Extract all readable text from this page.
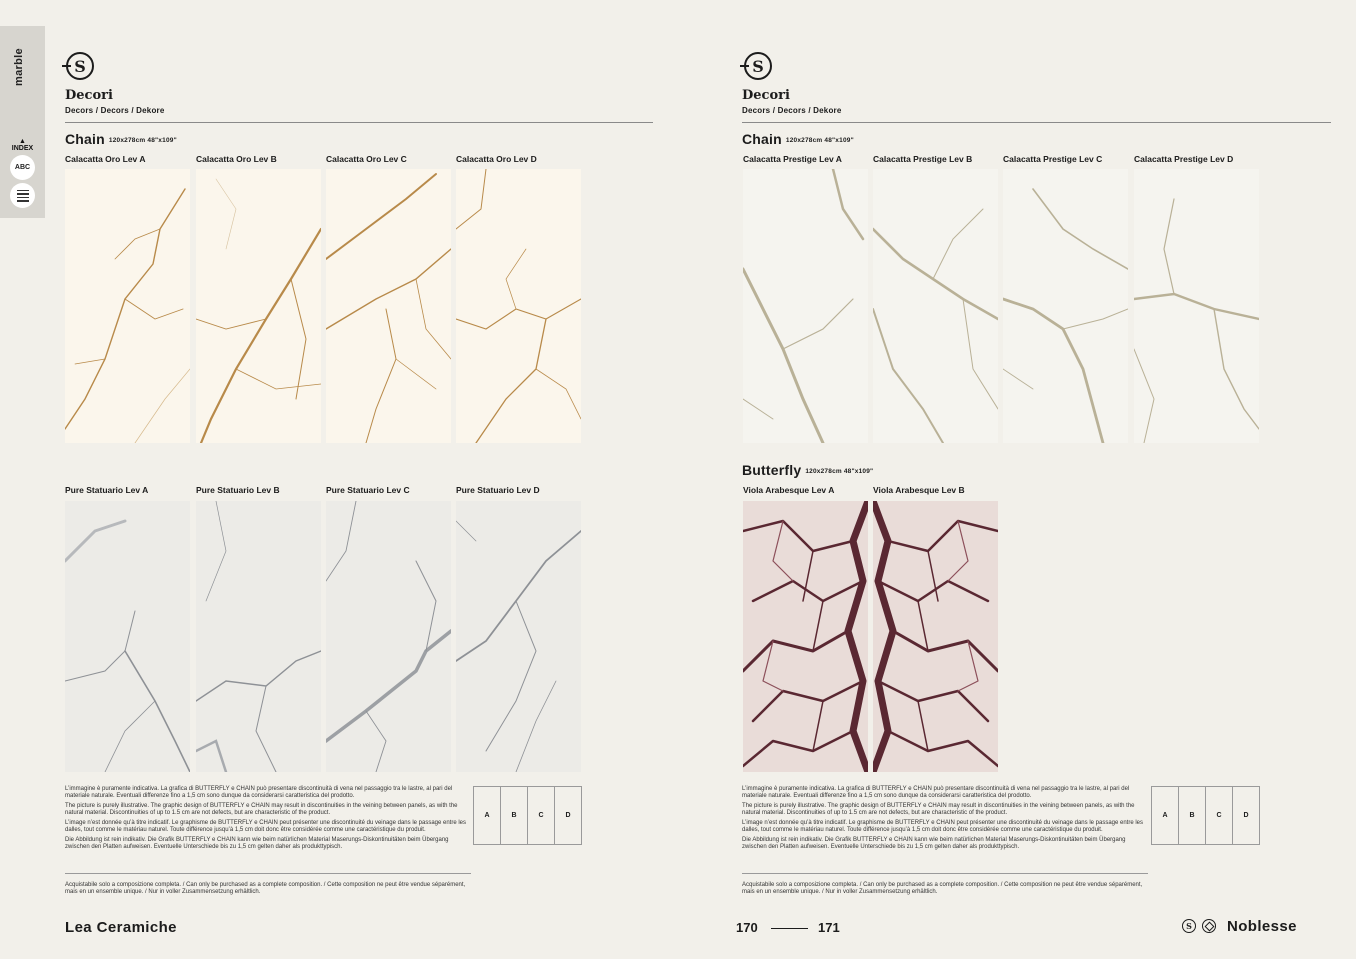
marble
▲
INDEX
ABC
S
Decori
Decors / Decors / Dekore
Chain 120x278cm 48"x109"
Calacatta Oro Lev A	Calacatta Oro Lev B	Calacatta Oro Lev C	Calacatta Oro Lev D
Pure Statuario Lev A	Pure Statuario Lev B	Pure Statuario Lev C	Pure Statuario Lev D

L’immagine è puramente indicativa. La grafica di BUTTERFLY e CHAIN può presentare discontinuità di vena nel passaggio tra le lastre, al pari del materiale naturale. Eventuali differenze fino a 1,5 cm sono dunque da considerarsi caratteristica del prodotto.

The picture is purely illustrative. The graphic design of BUTTERFLY e CHAIN may result in discontinuities in the veining between panels, as with the natural material. Discontinuities of up to 1.5 cm are not defects, but are characteristic of the product.

L’image n’est donnée qu’à titre indicatif. Le graphisme de BUTTERFLY e CHAIN peut présenter une discontinuité du veinage dans le passage entre les dalles, tout comme le matériau naturel. Toute différence jusqu’à 1,5 cm doit donc être considérée comme une caractéristique du produit.

Die Abbildung ist rein indikativ. Die Grafik BUTTERFLY e CHAIN kann wie beim natürlichen Material Maserungs-Diskontinuitäten beim Übergang zwischen den Platten aufweisen. Eventuelle Unterschiede bis zu 1,5 cm gelten daher als produkttypisch.

Acquistabile solo a composizione completa. / Can only be purchased as a complete composition. / Cette composition ne peut être vendue séparément, mais en un ensemble unique. / Nur in voller Zusammensetzung erhältlich.
A	B	C	D
Lea Ceramiche	170	171
S
Decori
Decors / Decors / Dekore
Chain 120x278cm 48"x109"
Calacatta Prestige Lev A	Calacatta Prestige Lev B	Calacatta Prestige Lev C	Calacatta Prestige Lev D
Butterfly 120x278cm 48"x109"
Viola Arabesque Lev A	Viola Arabesque Lev B

L’immagine è puramente indicativa. La grafica di BUTTERFLY e CHAIN può presentare discontinuità di vena nel passaggio tra le lastre, al pari del materiale naturale. Eventuali differenze fino a 1,5 cm sono dunque da considerarsi caratteristica del prodotto.

The picture is purely illustrative. The graphic design of BUTTERFLY e CHAIN may result in discontinuities in the veining between panels, as with the natural material. Discontinuities of up to 1.5 cm are not defects, but are characteristic of the product.

L’image n’est donnée qu’à titre indicatif. Le graphisme de BUTTERFLY e CHAIN peut présenter une discontinuité du veinage dans le passage entre les dalles, tout comme le matériau naturel. Toute différence jusqu’à 1,5 cm doit donc être considérée comme une caractéristique du produit.

Die Abbildung ist rein indikativ. Die Grafik BUTTERFLY e CHAIN kann wie beim natürlichen Material Maserungs-Diskontinuitäten beim Übergang zwischen den Platten aufweisen. Eventuelle Unterschiede bis zu 1,5 cm gelten daher als produkttypisch.

Acquistabile solo a composizione completa. / Can only be purchased as a complete composition. / Cette composition ne peut être vendue séparément, mais en un ensemble unique. / Nur in voller Zusammensetzung erhältlich.
A	B	C	D
S Noblesse
